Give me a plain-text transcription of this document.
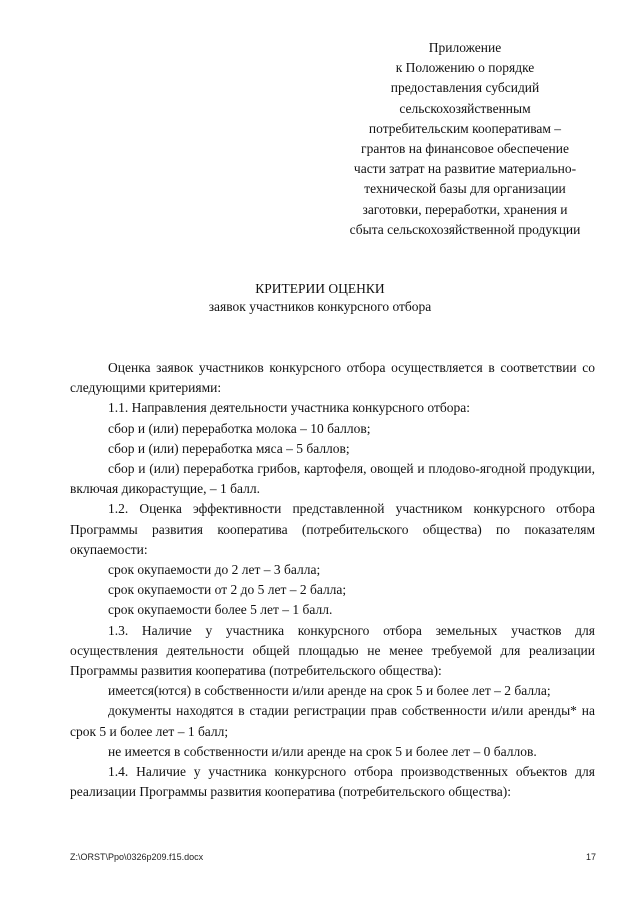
Приложение
к Положению о порядке
предоставления субсидий
сельскохозяйственным
потребительским кооперативам –
грантов на финансовое обеспечение
части затрат на развитие материально-
технической базы для организации
заготовки, переработки, хранения и
сбыта сельскохозяйственной продукции
КРИТЕРИИ ОЦЕНКИ
заявок участников конкурсного отбора

Оценка заявок участников конкурсного отбора осуществляется в соответствии со следующими критериями:

1.1. Направления деятельности участника конкурсного отбора:

сбор и (или) переработка молока – 10 баллов;

сбор и (или) переработка мяса – 5 баллов;

сбор и (или) переработка грибов, картофеля, овощей и плодово-ягодной продукции, включая дикорастущие, – 1 балл.

1.2. Оценка эффективности представленной участником конкурсного отбора Программы развития кооператива (потребительского общества) по показателям окупаемости:

срок окупаемости до 2 лет – 3 балла;

срок окупаемости от 2 до 5 лет – 2 балла;

срок окупаемости более 5 лет – 1 балл.

1.3. Наличие у участника конкурсного отбора земельных участков для осуществления деятельности общей площадью не менее требуемой для реализации Программы развития кооператива (потребительского общества):

имеется(ются) в собственности и/или аренде на срок 5 и более лет – 2 балла;

документы находятся в стадии регистрации прав собственности и/или аренды* на срок 5 и более лет – 1 балл;

не имеется в собственности и/или аренде на срок 5 и более лет – 0 баллов.

1.4. Наличие у участника конкурсного отбора производственных объектов для реализации Программы развития кооператива (потребительского общества):

Z:\ORST\Ppo\0326p209.f15.docx	17
